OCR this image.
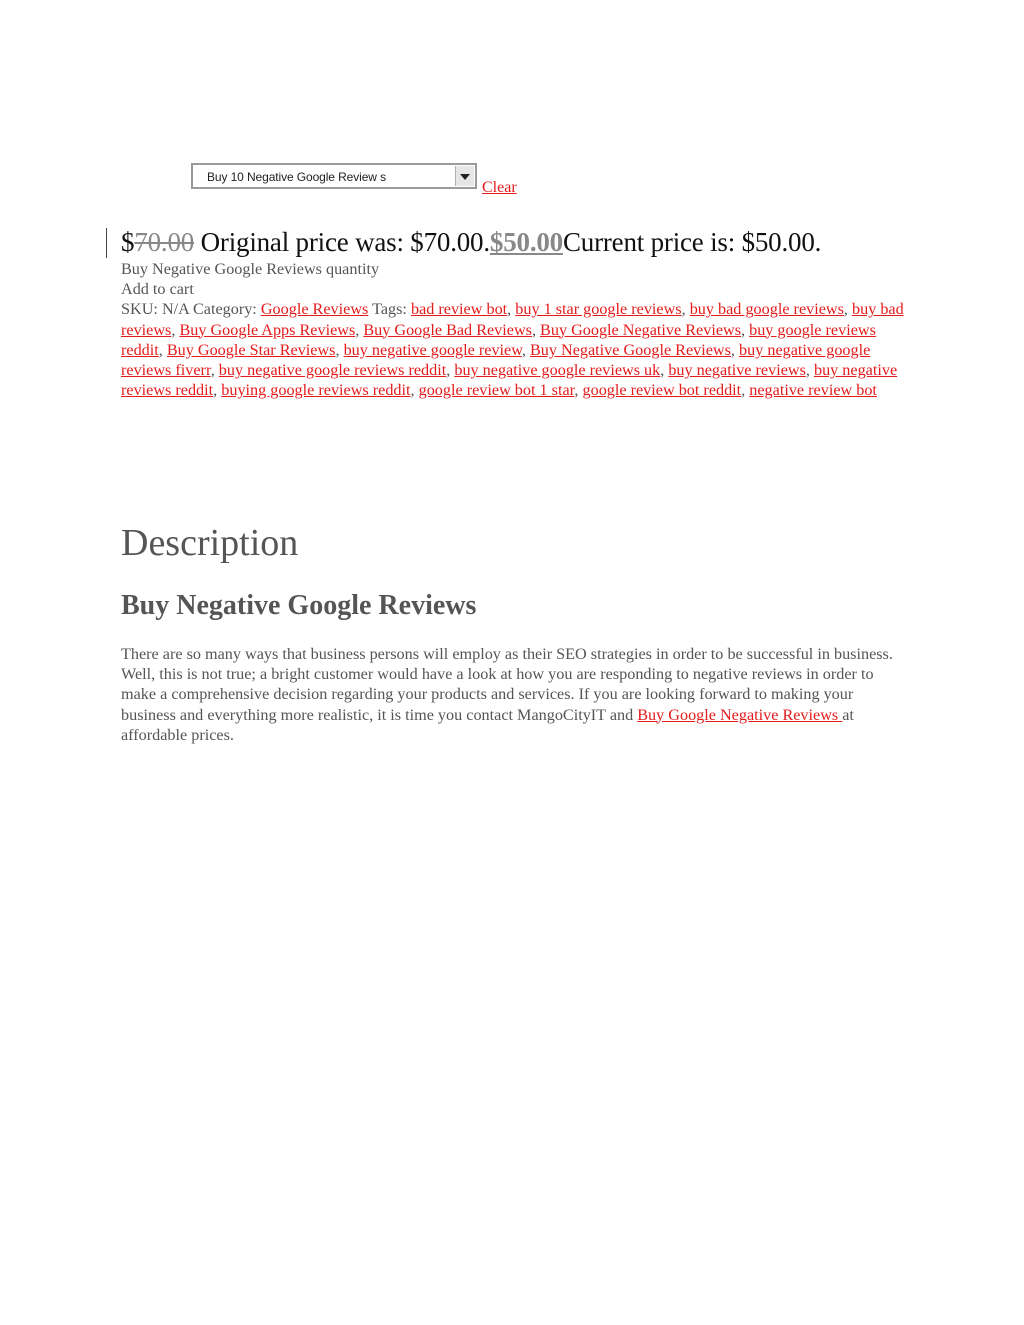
Buy 10 Negative Google Review s
Clear
$70.00 Original price was: $70.00.$50.00Current price is: $50.00.

Buy Negative Google Reviews quantity

Add to cart

SKU: N/A Category: Google Reviews Tags: bad review bot, buy 1 star google reviews, buy bad google reviews, buy bad reviews, Buy Google Apps Reviews, Buy Google Bad Reviews, Buy Google Negative Reviews, buy google reviews reddit, Buy Google Star Reviews, buy negative google review, Buy Negative Google Reviews, buy negative google reviews fiverr, buy negative google reviews reddit, buy negative google reviews uk, buy negative reviews, buy negative reviews reddit, buying google reviews reddit, google review bot 1 star, google review bot reddit, negative review bot

Description
Buy Negative Google Reviews

There are so many ways that business persons will employ as their SEO strategies in order to be successful in business. Well, this is not true; a bright customer would have a look at how you are responding to negative reviews in order to make a comprehensive decision regarding your products and services. If you are looking forward to making your business and everything more realistic, it is time you contact MangoCityIT and Buy Google Negative Reviews at affordable prices.
